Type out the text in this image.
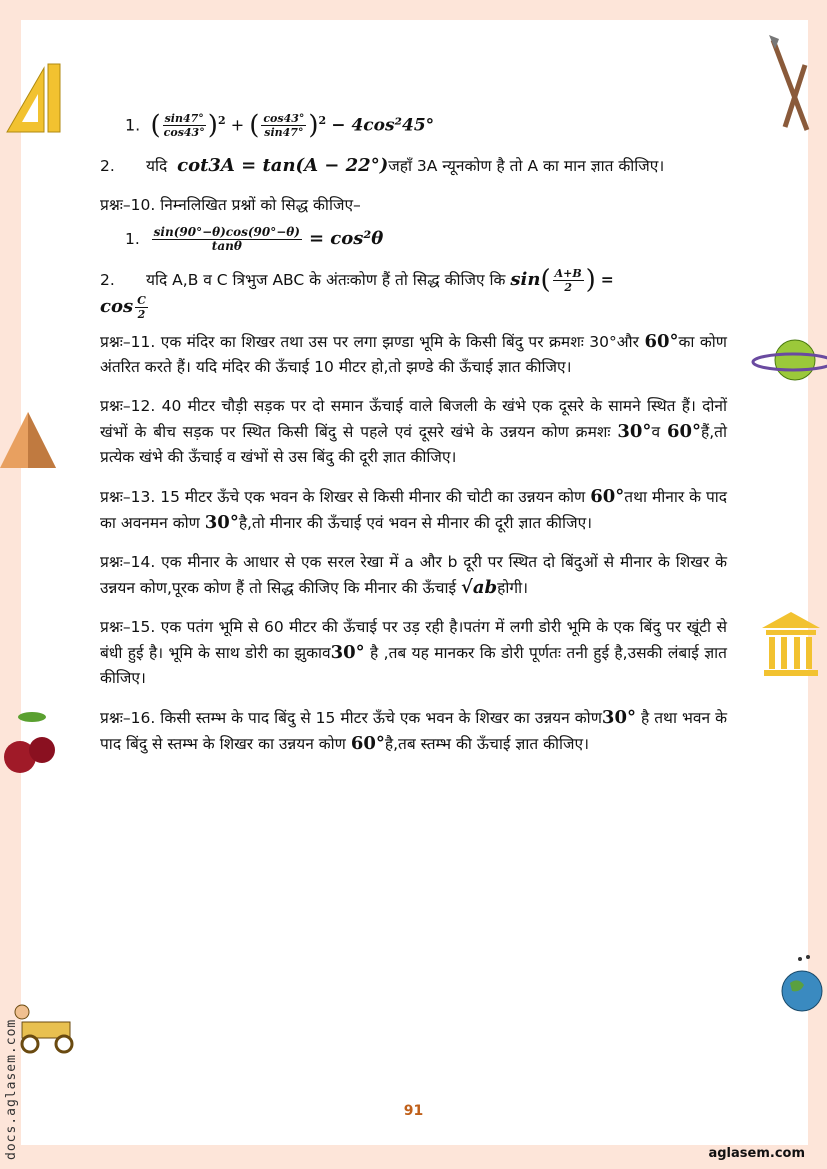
1. ( $\frac{\sin 47^\circ}{\cos 43^\circ} )^2$ + ( $\frac{\cos 43^\circ}{\sin 47^\circ} )^2 - 4\cos^245^\circ$

2. यदि cot3A = tan(A − 22°)जहाँ 3A न्यूनकोण है तो A का मान ज्ञात कीजिए।

प्रश्नः–10. निम्नलिखित प्रश्नों को सिद्ध कीजिए–

1. $\frac{\sin(90^\circ-\theta)\cos(90^\circ-\theta)}{\tan\theta} = \cos^2\theta$

2. यदि A,B व C त्रिभुज ABC के अंतःकोण हैं तो सिद्ध कीजिए कि $\sin( \frac{A+B}{2}$ ) =
$\cos \frac{C}{2}$

प्रश्नः–11. एक मंदिर का शिखर तथा उस पर लगा झण्डा भूमि के किसी बिंदु पर क्रमशः 30°और 60°का कोण अंतरित करते हैं। यदि मंदिर की ऊँचाई 10 मीटर हो,तो झण्डे की ऊँचाई ज्ञात कीजिए।

प्रश्नः–12. 40 मीटर चौड़ी सड़क पर दो समान ऊँचाई वाले बिजली के खंभे एक दूसरे के सामने स्थित हैं। दोनों खंभों के बीच सड़क पर स्थित किसी बिंदु से पहले एवं दूसरे खंभे के उन्नयन कोण क्रमशः 30°व 60°हैं,तो प्रत्येक खंभे की ऊँचाई व खंभों से उस बिंदु की दूरी ज्ञात कीजिए।

प्रश्नः–13. 15 मीटर ऊँचे एक भवन के शिखर से किसी मीनार की चोटी का उन्नयन कोण 60°तथा मीनार के पाद का अवनमन कोण 30°है,तो मीनार की ऊँचाई एवं भवन से मीनार की दूरी ज्ञात कीजिए।

प्रश्नः–14. एक मीनार के आधार से एक सरल रेखा में a और b दूरी पर स्थित दो बिंदुओं से मीनार के शिखर के उन्नयन कोण,पूरक कोण हैं तो सिद्ध कीजिए कि मीनार की ऊँचाई √abहोगी।

प्रश्नः–15. एक पतंग भूमि से 60 मीटर की ऊँचाई पर उड़ रही है।पतंग में लगी डोरी भूमि के एक बिंदु पर खूंटी से बंधी हुई है। भूमि के साथ डोरी का झुकाव30° है ,तब यह मानकर कि डोरी पूर्णतः तनी हुई है,उसकी लंबाई ज्ञात कीजिए।

प्रश्नः–16. किसी स्तम्भ के पाद बिंदु से 15 मीटर ऊँचे एक भवन के शिखर का उन्नयन कोण30° है तथा भवन के पाद बिंदु से स्तम्भ के शिखर का उन्नयन कोण 60°है,तब स्तम्भ की ऊँचाई ज्ञात कीजिए।

91
aglasem.com
docs.aglasem.com
